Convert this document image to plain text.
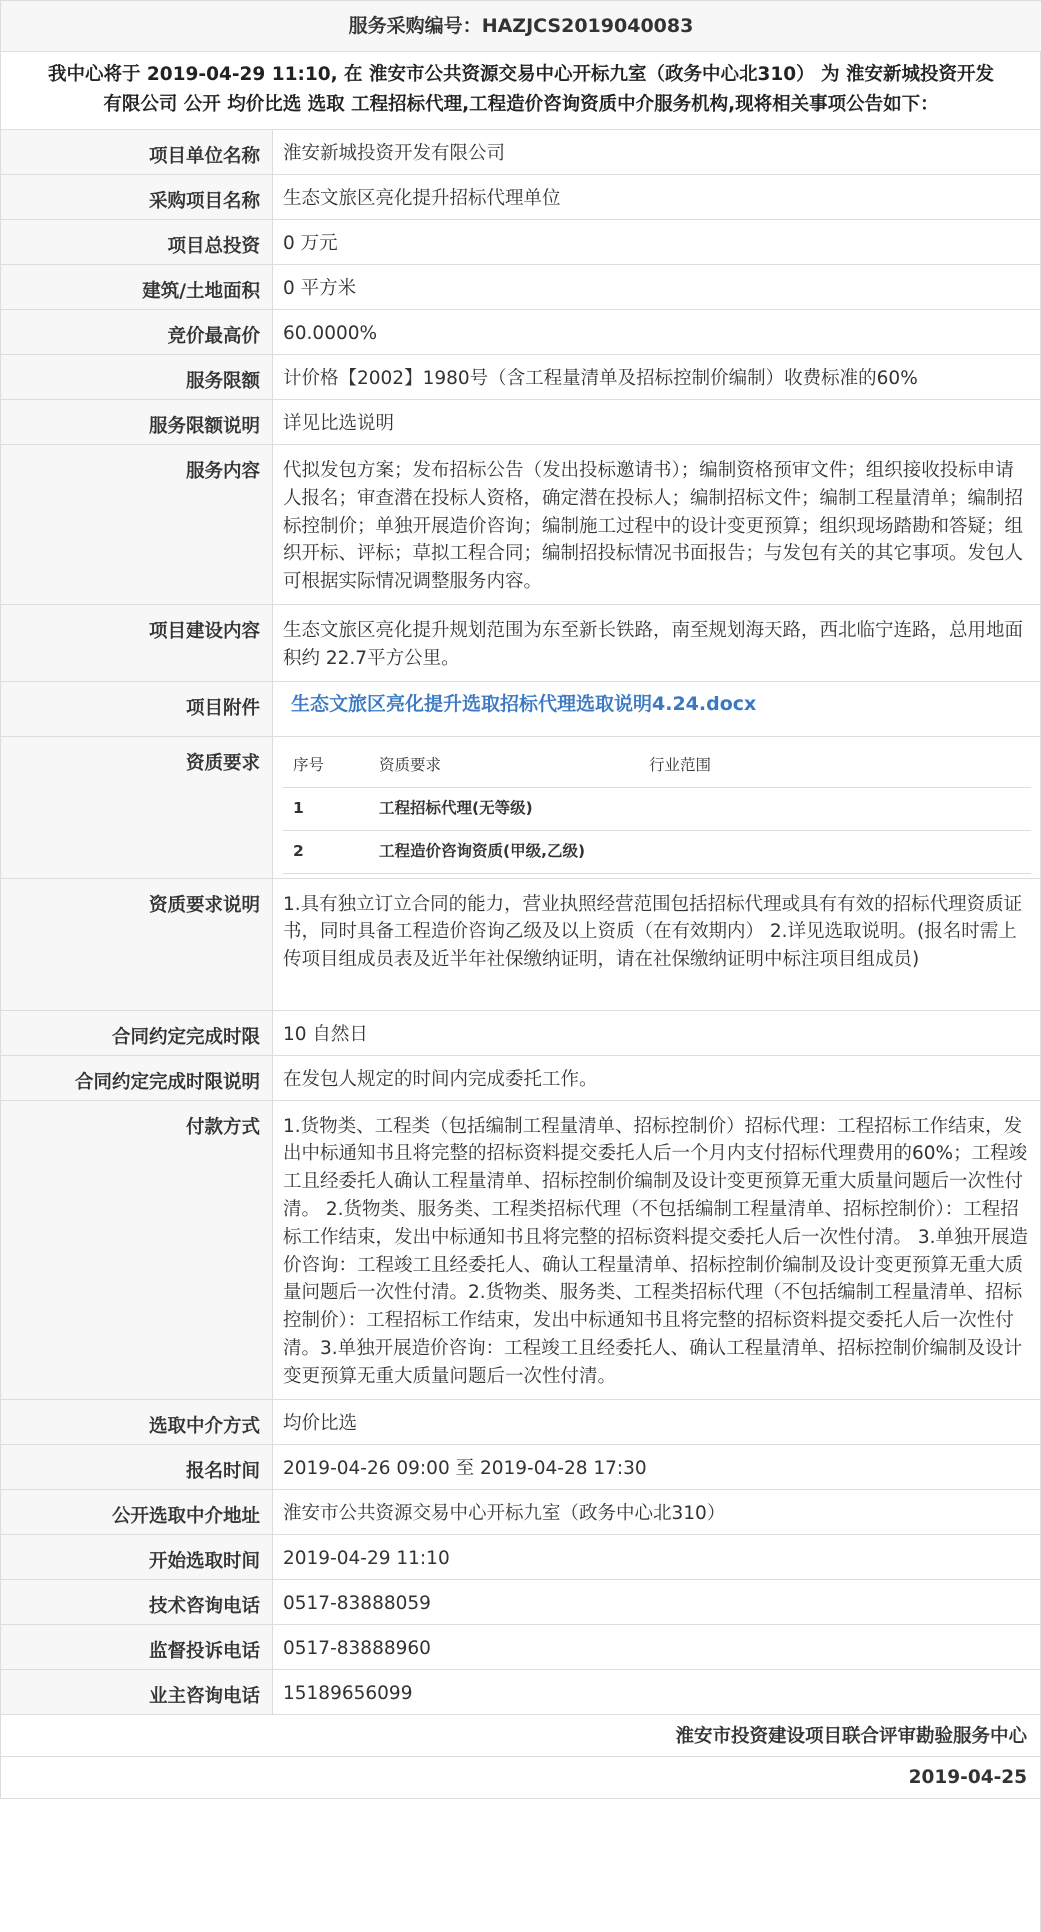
服务采购编号：HAZJCS2019040083

我中心将于 2019-04-29 11:10, 在 淮安市公共资源交易中心开标九室（政务中心北310） 为 淮安新城投资开发
有限公司 公开 均价比选 选取 工程招标代理,工程造价咨询资质中介服务机构,现将相关事项公告如下：

项目单位名称	淮安新城投资开发有限公司
采购项目名称	生态文旅区亮化提升招标代理单位
项目总投资	0 万元
建筑/土地面积	0 平方米
竞价最高价	60.0000%
服务限额	计价格【2002】1980号（含工程量清单及招标控制价编制）收费标准的60%
服务限额说明	详见比选说明
服务内容	代拟发包方案；发布招标公告（发出投标邀请书）；编制资格预审文件；组织接收投标申请人报名；审查潜在投标人资格，确定潜在投标人；编制招标文件；编制工程量清单；编制招标控制价；单独开展造价咨询；编制施工过程中的设计变更预算；组织现场踏勘和答疑；组织开标、评标；草拟工程合同；编制招投标情况书面报告；与发包有关的其它事项。发包人可根据实际情况调整服务内容。
项目建设内容	生态文旅区亮化提升规划范围为东至新长铁路，南至规划海天路，西北临宁连路，总用地面积约 22.7平方公里。
项目附件	生态文旅区亮化提升选取招标代理选取说明4.24.docx
资质要求	序号	资质要求	行业范围
1	工程招标代理(无等级)	
2	工程造价咨询资质(甲级,乙级)	

资质要求说明	1.具有独立订立合同的能力，营业执照经营范围包括招标代理或具有有效的招标代理资质证书，同时具备工程造价咨询乙级及以上资质（在有效期内） 2.详见选取说明。(报名时需上传项目组成员表及近半年社保缴纳证明，请在社保缴纳证明中标注项目组成员)
合同约定完成时限	10 自然日
合同约定完成时限说明	在发包人规定的时间内完成委托工作。
付款方式	1.货物类、工程类（包括编制工程量清单、招标控制价）招标代理：工程招标工作结束，发出中标通知书且将完整的招标资料提交委托人后一个月内支付招标代理费用的60%；工程竣工且经委托人确认工程量清单、招标控制价编制及设计变更预算无重大质量问题后一次性付清。 2.货物类、服务类、工程类招标代理（不包括编制工程量清单、招标控制价）：工程招标工作结束，发出中标通知书且将完整的招标资料提交委托人后一次性付清。 3.单独开展造价咨询：工程竣工且经委托人、确认工程量清单、招标控制价编制及设计变更预算无重大质量问题后一次性付清。2.货物类、服务类、工程类招标代理（不包括编制工程量清单、招标控制价）：工程招标工作结束，发出中标通知书且将完整的招标资料提交委托人后一次性付清。3.单独开展造价咨询：工程竣工且经委托人、确认工程量清单、招标控制价编制及设计变更预算无重大质量问题后一次性付清。
选取中介方式	均价比选
报名时间	2019-04-26 09:00 至 2019-04-28 17:30
公开选取中介地址	淮安市公共资源交易中心开标九室（政务中心北310）
开始选取时间	2019-04-29 11:10
技术咨询电话	0517-83888059
监督投诉电话	0517-83888960
业主咨询电话	15189656099
淮安市投资建设项目联合评审勘验服务中心
2019-04-25
